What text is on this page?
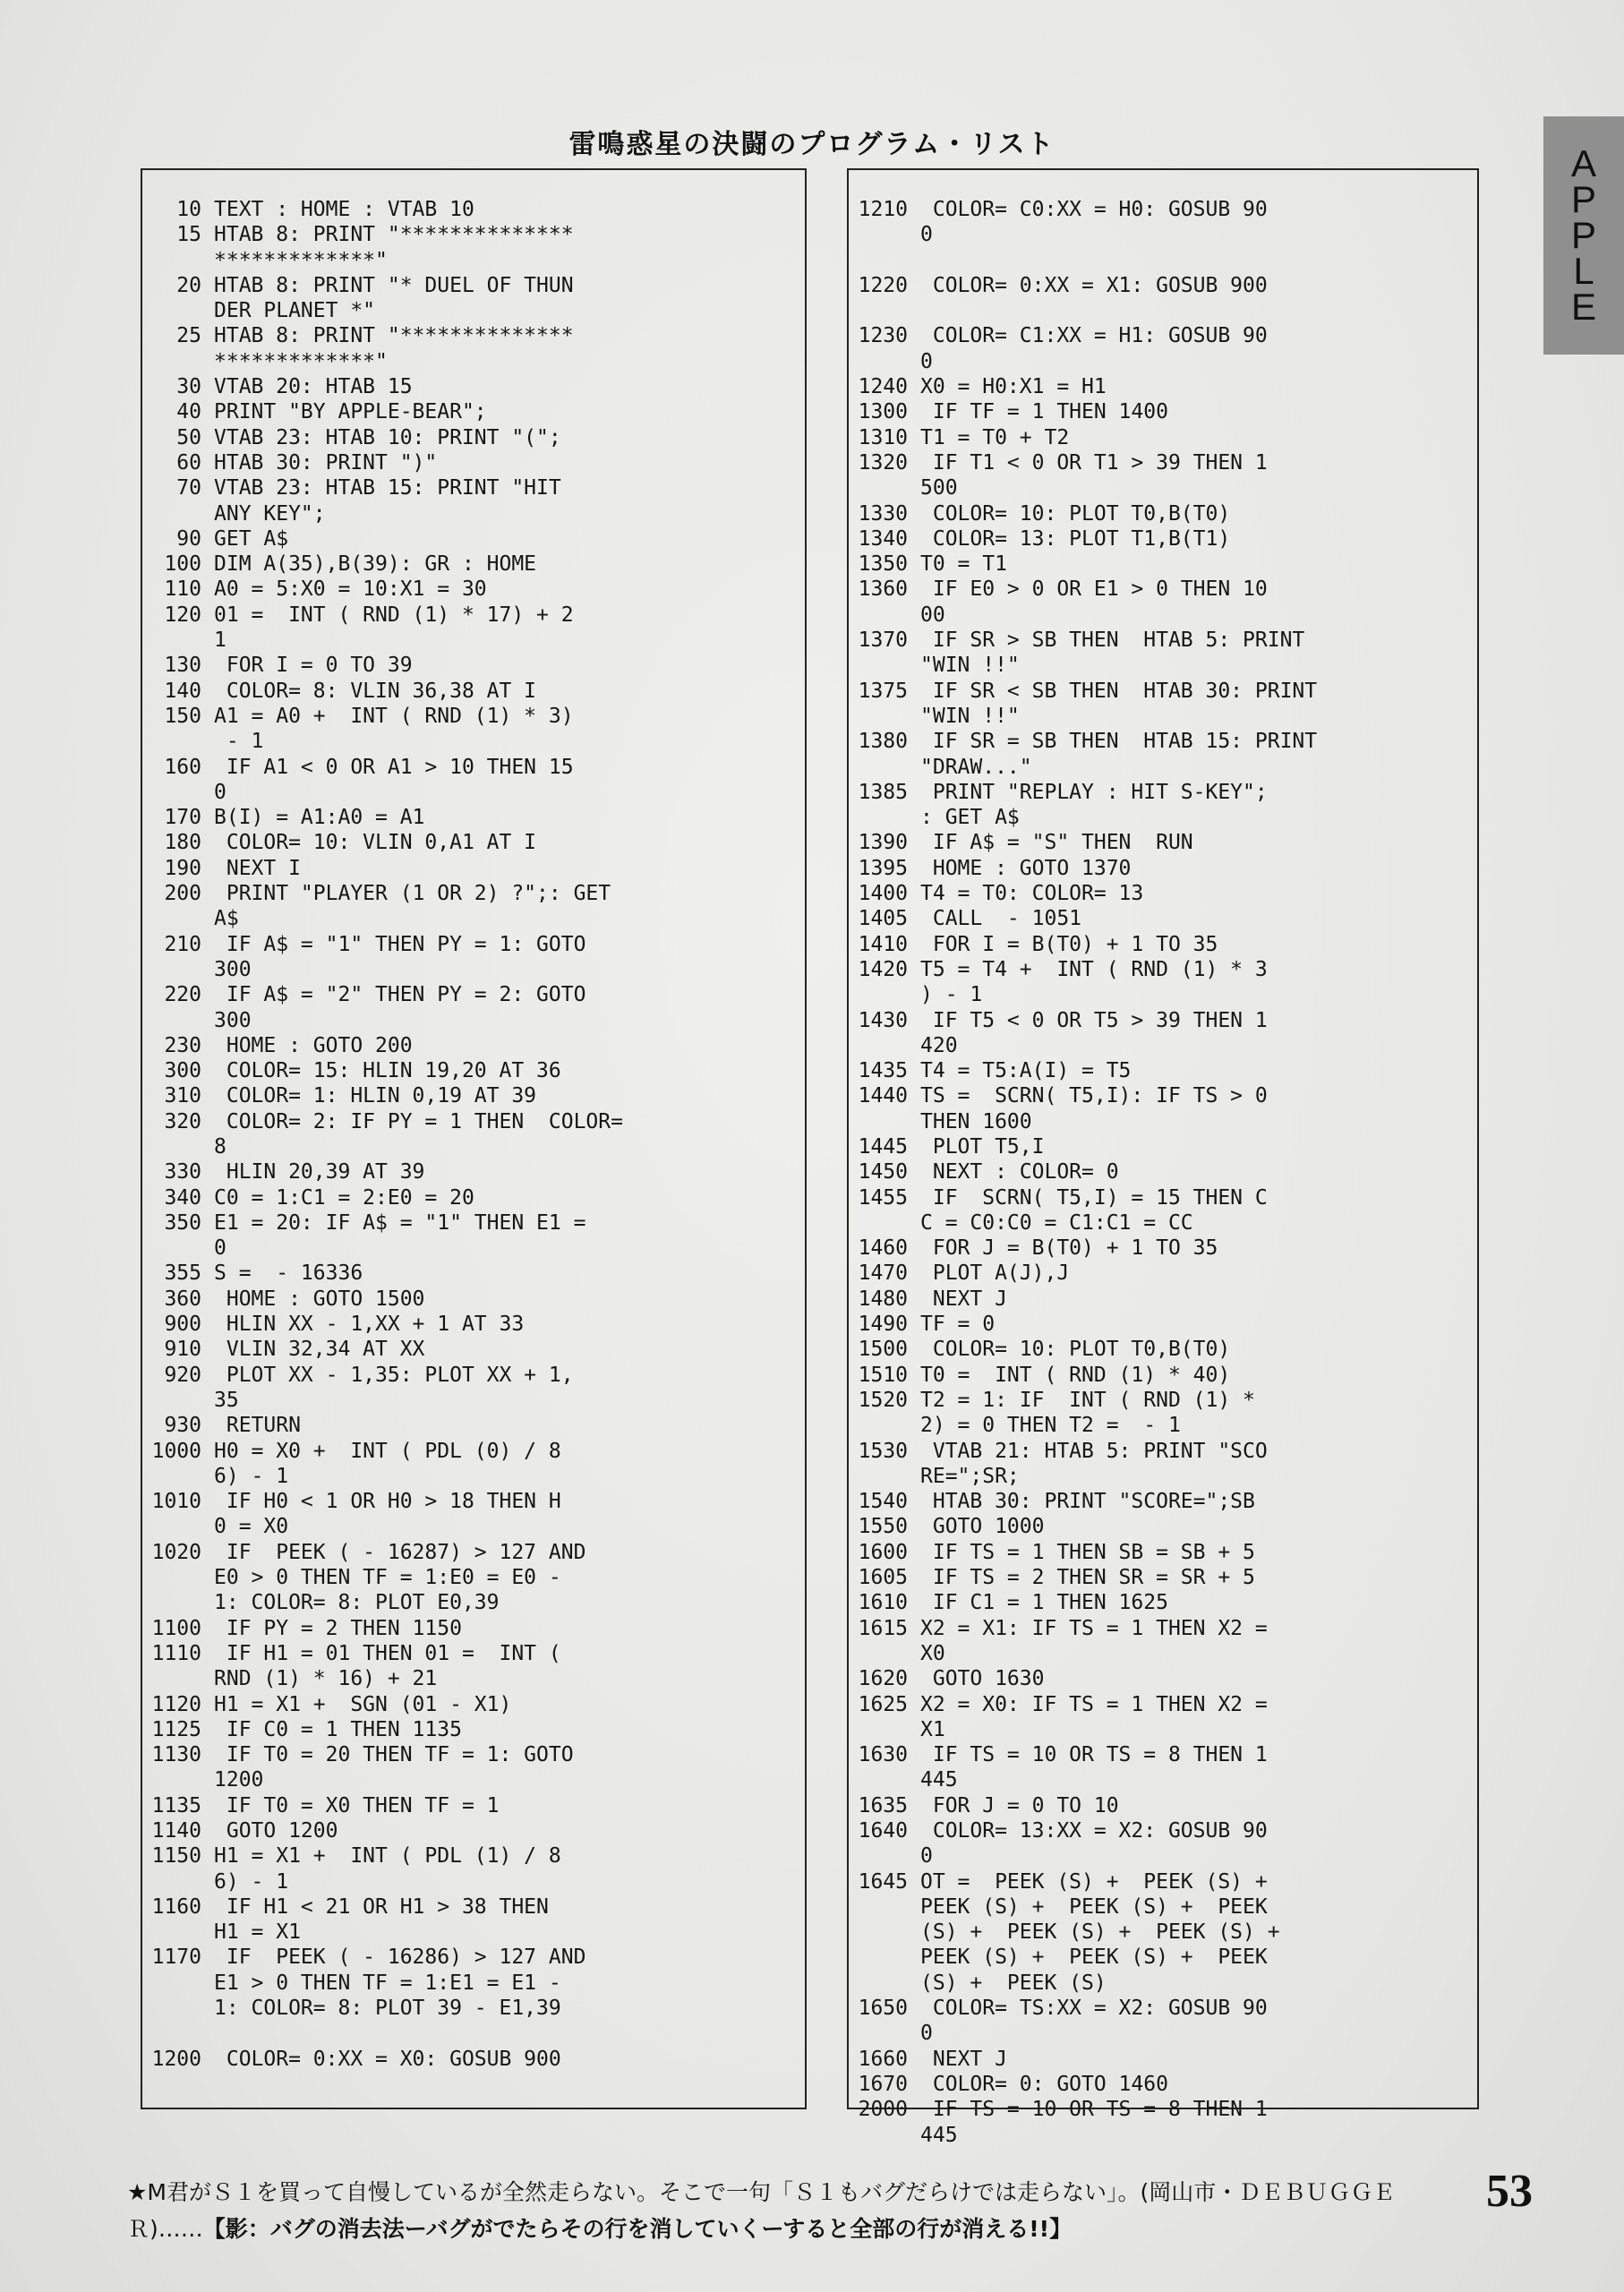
雷鳴惑星の決闘のプログラム・リスト	A
P
P
L
E
10 TEXT : HOME : VTAB 10
15 HTAB 8: PRINT "**************
*************"
20 HTAB 8: PRINT "* DUEL OF THUN
DER PLANET *"
25 HTAB 8: PRINT "**************
*************"
30 VTAB 20: HTAB 15
40 PRINT "BY APPLE-BEAR";
50 VTAB 23: HTAB 10: PRINT "(";
60 HTAB 30: PRINT ")"
70 VTAB 23: HTAB 15: PRINT "HIT
ANY KEY";
90 GET A$
100 DIM A(35),B(39): GR : HOME
110 A0 = 5:X0 = 10:X1 = 30
120 01 =  INT ( RND (1) * 17) + 2
1
130 FOR I = 0 TO 39
140 COLOR= 8: VLIN 36,38 AT I
150 A1 = A0 +  INT ( RND (1) * 3)
- 1
160 IF A1 < 0 OR A1 > 10 THEN 15
0
170 B(I) = A1:A0 = A1
180 COLOR= 10: VLIN 0,A1 AT I
190 NEXT I
200 PRINT "PLAYER (1 OR 2) ?";: GET
A$
210 IF A$ = "1" THEN PY = 1: GOTO
300
220 IF A$ = "2" THEN PY = 2: GOTO
300
230 HOME : GOTO 200
300 COLOR= 15: HLIN 19,20 AT 36
310 COLOR= 1: HLIN 0,19 AT 39
320 COLOR= 2: IF PY = 1 THEN  COLOR=
8
330 HLIN 20,39 AT 39
340 C0 = 1:C1 = 2:E0 = 20
350 E1 = 20: IF A$ = "1" THEN E1 =
0
355 S =  - 16336
360 HOME : GOTO 1500
900 HLIN XX - 1,XX + 1 AT 33
910 VLIN 32,34 AT XX
920 PLOT XX - 1,35: PLOT XX + 1,
35
930 RETURN
1000 H0 = X0 +  INT ( PDL (0) / 8
6) - 1
1010 IF H0 < 1 OR H0 > 18 THEN H
0 = X0
1020 IF  PEEK ( - 16287) > 127 AND
E0 > 0 THEN TF = 1:E0 = E0 -
1: COLOR= 8: PLOT E0,39
1100 IF PY = 2 THEN 1150
1110 IF H1 = 01 THEN 01 =  INT (
RND (1) * 16) + 21
1120 H1 = X1 +  SGN (01 - X1)
1125 IF C0 = 1 THEN 1135
1130 IF T0 = 20 THEN TF = 1: GOTO
1200
1135 IF T0 = X0 THEN TF = 1
1140 GOTO 1200
1150 H1 = X1 +  INT ( PDL (1) / 8
6) - 1
1160 IF H1 < 21 OR H1 > 38 THEN
H1 = X1
1170 IF  PEEK ( - 16286) > 127 AND
E1 > 0 THEN TF = 1:E1 = E1 -
1: COLOR= 8: PLOT 39 - E1,39
1200 COLOR= 0:XX = X0: GOSUB 900
1210 COLOR= C0:XX = H0: GOSUB 90
0
1220 COLOR= 0:XX = X1: GOSUB 900
1230 COLOR= C1:XX = H1: GOSUB 90
0
1240 X0 = H0:X1 = H1
1300 IF TF = 1 THEN 1400
1310 T1 = T0 + T2
1320 IF T1 < 0 OR T1 > 39 THEN 1
500
1330 COLOR= 10: PLOT T0,B(T0)
1340 COLOR= 13: PLOT T1,B(T1)
1350 T0 = T1
1360 IF E0 > 0 OR E1 > 0 THEN 10
00
1370 IF SR > SB THEN  HTAB 5: PRINT
"WIN !!"
1375 IF SR < SB THEN  HTAB 30: PRINT
"WIN !!"
1380 IF SR = SB THEN  HTAB 15: PRINT
"DRAW..."
1385 PRINT "REPLAY : HIT S-KEY";
: GET A$
1390 IF A$ = "S" THEN  RUN
1395 HOME : GOTO 1370
1400 T4 = T0: COLOR= 13
1405 CALL  - 1051
1410 FOR I = B(T0) + 1 TO 35
1420 T5 = T4 +  INT ( RND (1) * 3
) - 1
1430 IF T5 < 0 OR T5 > 39 THEN 1
420
1435 T4 = T5:A(I) = T5
1440 TS =  SCRN( T5,I): IF TS > 0
THEN 1600
1445 PLOT T5,I
1450 NEXT : COLOR= 0
1455 IF  SCRN( T5,I) = 15 THEN C
C = C0:C0 = C1:C1 = CC
1460 FOR J = B(T0) + 1 TO 35
1470 PLOT A(J),J
1480 NEXT J
1490 TF = 0
1500 COLOR= 10: PLOT T0,B(T0)
1510 T0 =  INT ( RND (1) * 40)
1520 T2 = 1: IF  INT ( RND (1) *
2) = 0 THEN T2 =  - 1
1530 VTAB 21: HTAB 5: PRINT "SCO
RE=";SR;
1540 HTAB 30: PRINT "SCORE=";SB
1550 GOTO 1000
1600 IF TS = 1 THEN SB = SB + 5
1605 IF TS = 2 THEN SR = SR + 5
1610 IF C1 = 1 THEN 1625
1615 X2 = X1: IF TS = 1 THEN X2 =
X0
1620 GOTO 1630
1625 X2 = X0: IF TS = 1 THEN X2 =
X1
1630 IF TS = 10 OR TS = 8 THEN 1
445
1635 FOR J = 0 TO 10
1640 COLOR= 13:XX = X2: GOSUB 90
0
1645 OT =  PEEK (S) +  PEEK (S) +
PEEK (S) +  PEEK (S) +  PEEK
(S) +  PEEK (S) +  PEEK (S) +
PEEK (S) +  PEEK (S) +  PEEK
(S) +  PEEK (S)
1650 COLOR= TS:XX = X2: GOSUB 90
0
1660 NEXT J
1670 COLOR= 0: GOTO 1460
2000 IF TS = 10 OR TS = 8 THEN 1
445
★M君がＳ１を買って自慢しているが全然走らない。そこで一句「Ｓ１もバグだらけでは走らない」。(岡山市・ＤＥＢＵＧＧＥＲ)……【影：バグの消去法ーバグがでたらその行を消していくーすると全部の行が消える!!】
53
